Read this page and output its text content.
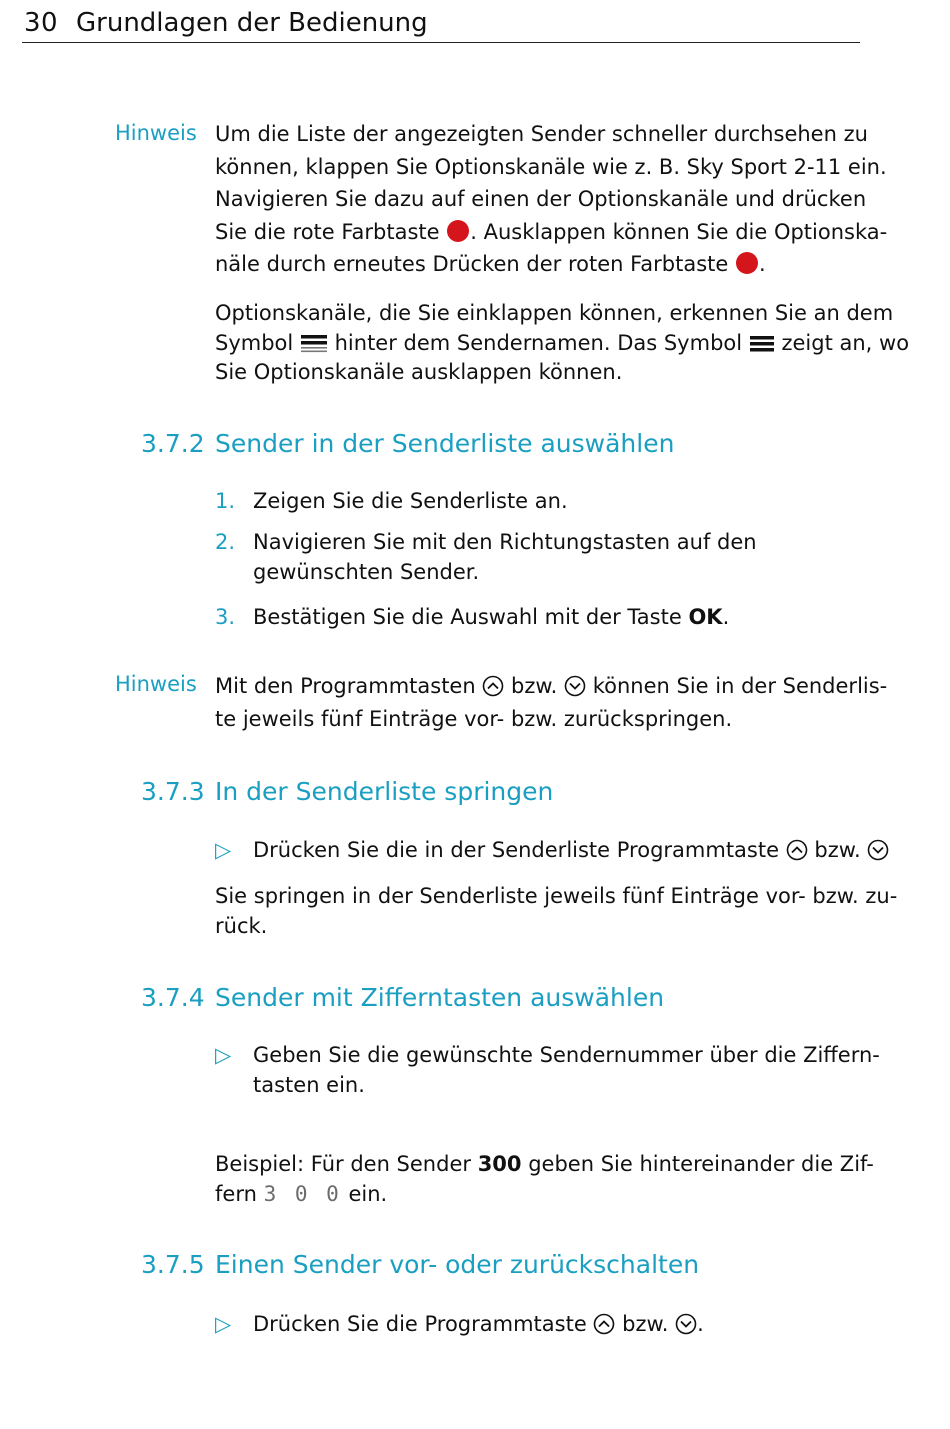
30 Grundlagen der Bedienung
Hinweis Um die Liste der angezeigten Sender schneller durchsehen zu
können, klappen Sie Optionskanäle wie z. B. Sky Sport 2-11 ein.
Navigieren Sie dazu auf einen der Optionskanäle und drücken
Sie die rote Farbtaste . Ausklappen können Sie die Optionska-
näle durch erneutes Drücken der roten Farbtaste .
Optionskanäle, die Sie einklappen können, erkennen Sie an dem
Symbol hinter dem Sendernamen. Das Symbol zeigt an, wo
Sie Optionskanäle ausklappen können.
3.7.2 Sender in der Senderliste auswählen
1. Zeigen Sie die Senderliste an.
2. Navigieren Sie mit den Richtungstasten auf den
gewünschten Sender.
3. Bestätigen Sie die Auswahl mit der Taste OK.
Hinweis Mit den Programmtasten bzw. können Sie in der Senderlis-
te jeweils fünf Einträge vor- bzw. zurückspringen.
3.7.3 In der Senderliste springen
▷ Drücken Sie die in der Senderliste Programmtaste bzw.
Sie springen in der Senderliste jeweils fünf Einträge vor- bzw. zu-
rück.
3.7.4 Sender mit Zifferntasten auswählen
▷ Geben Sie die gewünschte Sendernummer über die Ziffern-
tasten ein.
Beispiel: Für den Sender 300 geben Sie hintereinander die Zif-
fern 3 0 0 ein.
3.7.5 Einen Sender vor- oder zurückschalten
▷ Drücken Sie die Programmtaste bzw. .
